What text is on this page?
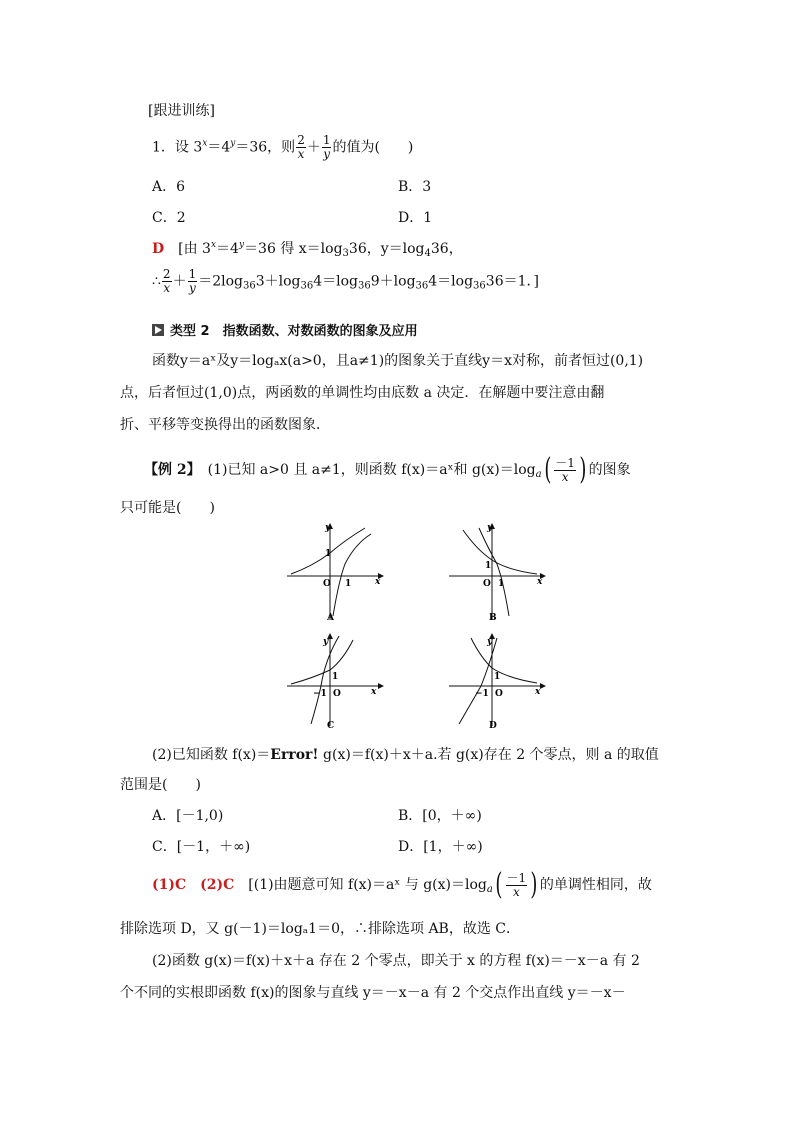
[跟进训练]
1．设 $3^x=4^y=36$，则 $\frac{2}{x} + \frac{1}{y}$ 的值为(　　)
A．6	B．3
C．2	D．1
D　[由 $3^x=4^y=36$ 得 $x=\log_336$，$y=\log_436$，
∴ $\frac{2}{x} + \frac{1}{y} =2\log_{36}3+\log_{36}4=\log_{36}9+\log_{36}4=\log_{36}36=1$．]
类型 2　指数函数、对数函数的图象及应用
函数y＝aˣ及y＝logₐx(a>0，且a≠1)的图象关于直线y＝x对称，前者恒过(0,1)
点，后者恒过(1,0)点，两函数的单调性均由底数 a 决定．在解题中要注意由翻
折、平移等变换得出的函数图象．
【例 2】　(1)已知 a>0 且 a≠1，则函数 f(x)＝aˣ和 $g(x)=\log_a( \frac{-1}{x}$ ) 的图象
只可能是(　　)
1
O 1	x
y
A
1
O 1	x
y
B
1
−1 O	x
y
C
1
−1 O	x
y
D
(2)已知函数 f(x)＝Error! g(x)＝f(x)＋x＋a.若 g(x)存在 2 个零点，则 a 的取值
范围是(　　)
A．[－1,0)	B．[0，＋∞)
C．[－1，＋∞)	D．[1，＋∞)
(1)C　(2)C　[(1)由题意可知 f(x)＝aˣ 与 $g(x)=\log_a( \frac{-1}{x}$ ) 的单调性相同，故
排除选项 D，又 g(－1)＝logₐ1＝0，∴排除选项 AB，故选 C．
(2)函数 g(x)＝f(x)＋x＋a 存在 2 个零点，即关于 x 的方程 f(x)＝－x－a 有 2
个不同的实根即函数 f(x)的图象与直线 y＝－x－a 有 2 个交点作出直线 y＝－x－
